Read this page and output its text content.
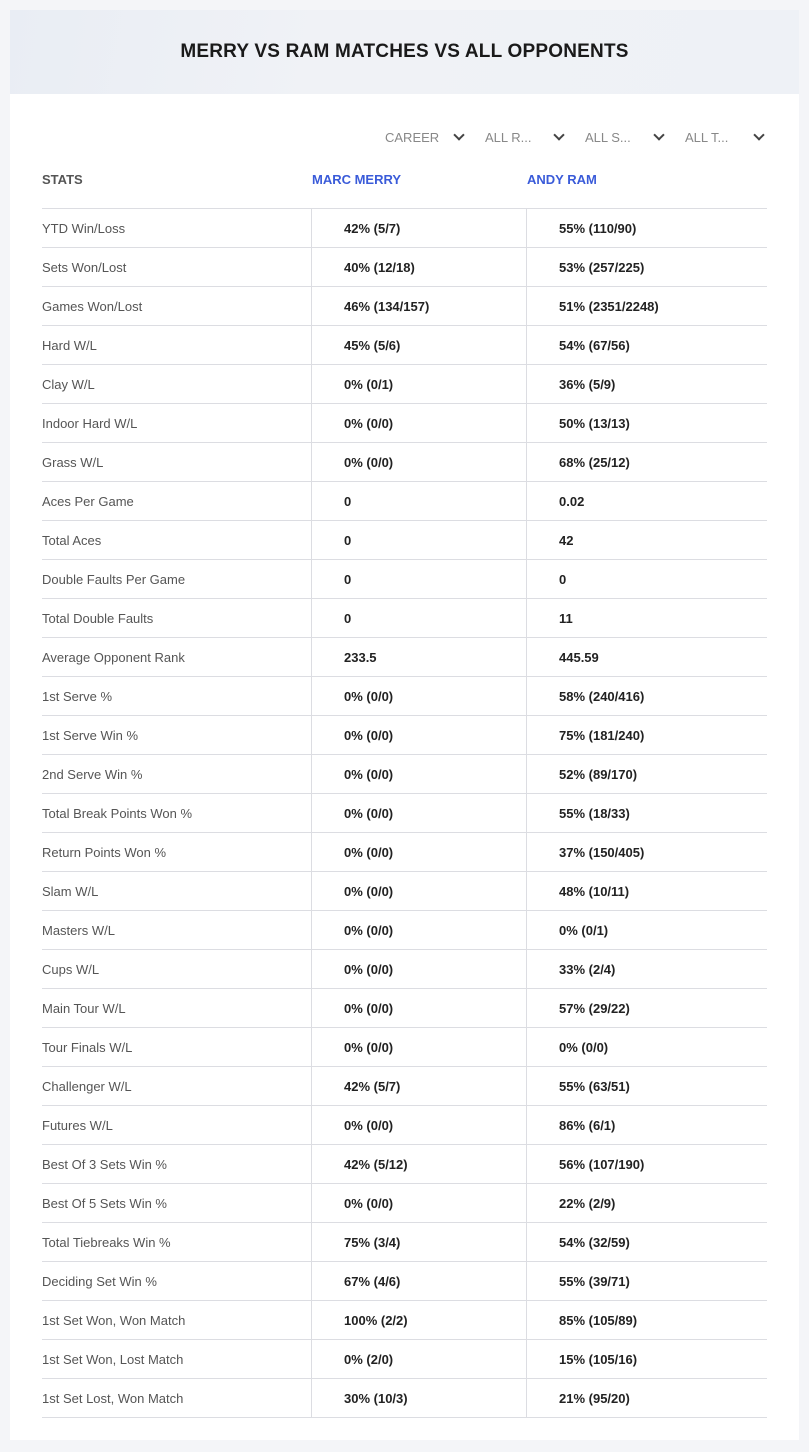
MERRY VS RAM MATCHES VS ALL OPPONENTS
CAREER	ALL R...	ALL S...	ALL T...
STATS	MARC MERRY	ANDY RAM
YTD Win/Loss	42% (5/7)	55% (110/90)
Sets Won/Lost	40% (12/18)	53% (257/225)
Games Won/Lost	46% (134/157)	51% (2351/2248)
Hard W/L	45% (5/6)	54% (67/56)
Clay W/L	0% (0/1)	36% (5/9)
Indoor Hard W/L	0% (0/0)	50% (13/13)
Grass W/L	0% (0/0)	68% (25/12)
Aces Per Game	0	0.02
Total Aces	0	42
Double Faults Per Game	0	0
Total Double Faults	0	11
Average Opponent Rank	233.5	445.59
1st Serve %	0% (0/0)	58% (240/416)
1st Serve Win %	0% (0/0)	75% (181/240)
2nd Serve Win %	0% (0/0)	52% (89/170)
Total Break Points Won %	0% (0/0)	55% (18/33)
Return Points Won %	0% (0/0)	37% (150/405)
Slam W/L	0% (0/0)	48% (10/11)
Masters W/L	0% (0/0)	0% (0/1)
Cups W/L	0% (0/0)	33% (2/4)
Main Tour W/L	0% (0/0)	57% (29/22)
Tour Finals W/L	0% (0/0)	0% (0/0)
Challenger W/L	42% (5/7)	55% (63/51)
Futures W/L	0% (0/0)	86% (6/1)
Best Of 3 Sets Win %	42% (5/12)	56% (107/190)
Best Of 5 Sets Win %	0% (0/0)	22% (2/9)
Total Tiebreaks Win %	75% (3/4)	54% (32/59)
Deciding Set Win %	67% (4/6)	55% (39/71)
1st Set Won, Won Match	100% (2/2)	85% (105/89)
1st Set Won, Lost Match	0% (2/0)	15% (105/16)
1st Set Lost, Won Match	30% (10/3)	21% (95/20)
